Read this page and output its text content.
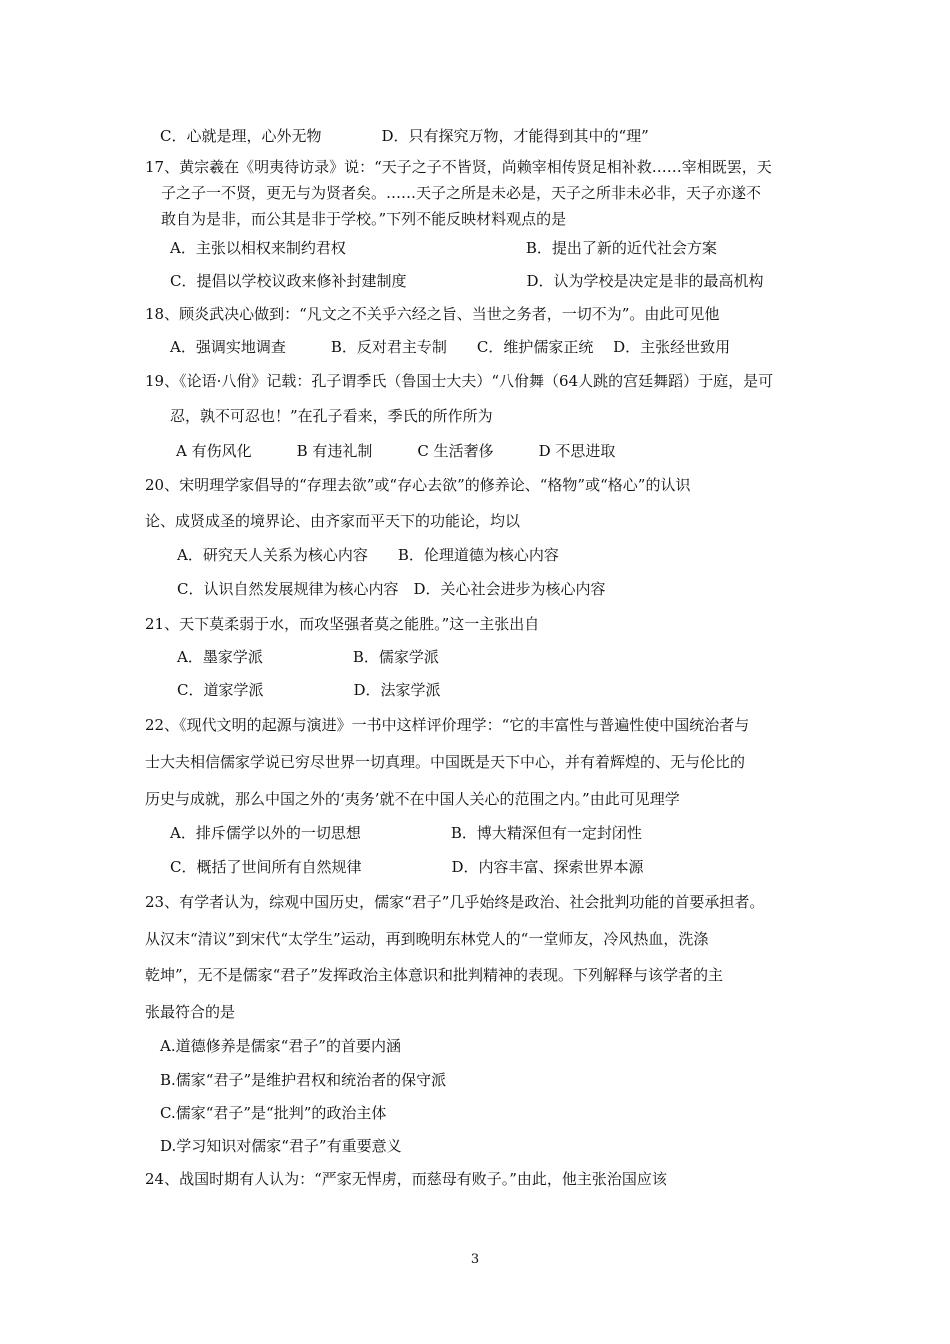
C．心就是理，心外无物　　　　D．只有探究万物，才能得到其中的“理”
17、黄宗羲在《明夷待访录》说：“天子之子不皆贤，尚赖宰相传贤足相补救……宰相既罢，天
子之子一不贤，更无与为贤者矣。……天子之所是未必是，天子之所非未必非，天子亦遂不
敢自为是非，而公其是非于学校。”下列不能反映材料观点的是
A．主张以相权来制约君权　　　　　　　　　　　　B．提出了新的近代社会方案
C．提倡以学校议政来修补封建制度　　　　　　　　D．认为学校是决定是非的最高机构
18、顾炎武决心做到：“凡文之不关乎六经之旨、当世之务者，一切不为”。由此可见他
A．强调实地调查　　　B．反对君主专制　　C．维护儒家正统　 D．主张经世致用
19、《论语·八佾》记载：孔子谓季氏（鲁国士大夫）“八佾舞（64人跳的宫廷舞蹈）于庭，是可
忍，孰不可忍也！”在孔子看来，季氏的所作所为
A 有伤风化　　　B 有违礼制　　　C 生活奢侈　　　D 不思进取
20、宋明理学家倡导的“存理去欲”或“存心去欲”的修养论、“格物”或“格心”的认识
论、成贤成圣的境界论、由齐家而平天下的功能论，均以
A．研究天人关系为核心内容　　B．伦理道德为核心内容
C．认识自然发展规律为核心内容　D．关心社会进步为核心内容
21、天下莫柔弱于水，而攻坚强者莫之能胜。”这一主张出自
A．墨家学派　　　　　　B．儒家学派
C．道家学派　　　　　　D．法家学派
22、《现代文明的起源与演进》一书中这样评价理学：“它的丰富性与普遍性使中国统治者与
士大夫相信儒家学说已穷尽世界一切真理。中国既是天下中心，并有着辉煌的、无与伦比的
历史与成就，那么中国之外的‘夷务’就不在中国人关心的范围之内。”由此可见理学
A．排斥儒学以外的一切思想　　　　　　B．博大精深但有一定封闭性
C．概括了世间所有自然规律　　　　　　D．内容丰富、探索世界本源
23、有学者认为，综观中国历史，儒家“君子”几乎始终是政治、社会批判功能的首要承担者。
从汉末“清议”到宋代“太学生”运动，再到晚明东林党人的“一堂师友，冷风热血，洗涤
乾坤”，无不是儒家“君子”发挥政治主体意识和批判精神的表现。下列解释与该学者的主
张最符合的是
A.道德修养是儒家“君子”的首要内涵
B.儒家“君子”是维护君权和统治者的保守派
C.儒家“君子”是“批判”的政治主体
D.学习知识对儒家“君子”有重要意义
24、战国时期有人认为：“严家无悍虏，而慈母有败子。”由此，他主张治国应该
3
